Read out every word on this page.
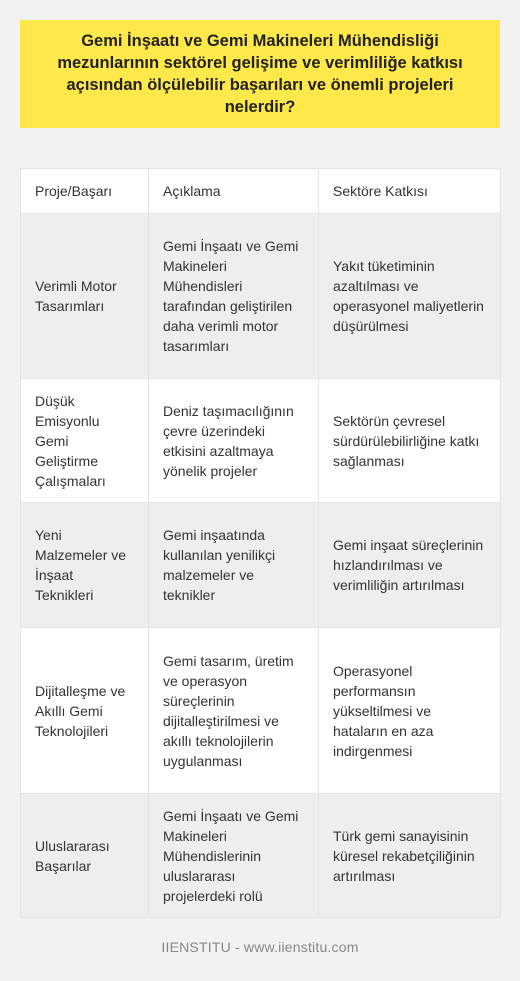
Gemi İnşaatı ve Gemi Makineleri Mühendisliği mezunlarının sektörel gelişime ve verimliliğe katkısı açısından ölçülebilir başarıları ve önemli projeleri nelerdir?
Proje/Başarı	Açıklama	Sektöre Katkısı
Verimli Motor Tasarımları	Gemi İnşaatı ve Gemi Makineleri Mühendisleri tarafından geliştirilen daha verimli motor tasarımları	Yakıt tüketiminin azaltılması ve operasyonel maliyetlerin düşürülmesi
Düşük Emisyonlu Gemi Geliştirme Çalışmaları	Deniz taşımacılığının çevre üzerindeki etkisini azaltmaya yönelik projeler	Sektörün çevresel sürdürülebilirliğine katkı sağlanması
Yeni Malzemeler ve İnşaat Teknikleri	Gemi inşaatında kullanılan yenilikçi malzemeler ve teknikler	Gemi inşaat süreçlerinin hızlandırılması ve verimliliğin artırılması
Dijitalleşme ve Akıllı Gemi Teknolojileri	Gemi tasarım, üretim ve operasyon süreçlerinin dijitalleştirilmesi ve akıllı teknolojilerin uygulanması	Operasyonel performansın yükseltilmesi ve hataların en aza indirgenmesi
Uluslararası Başarılar	Gemi İnşaatı ve Gemi Makineleri Mühendislerinin uluslararası projelerdeki rolü	Türk gemi sanayisinin küresel rekabetçiliğinin artırılması
IIENSTITU - www.iienstitu.com
